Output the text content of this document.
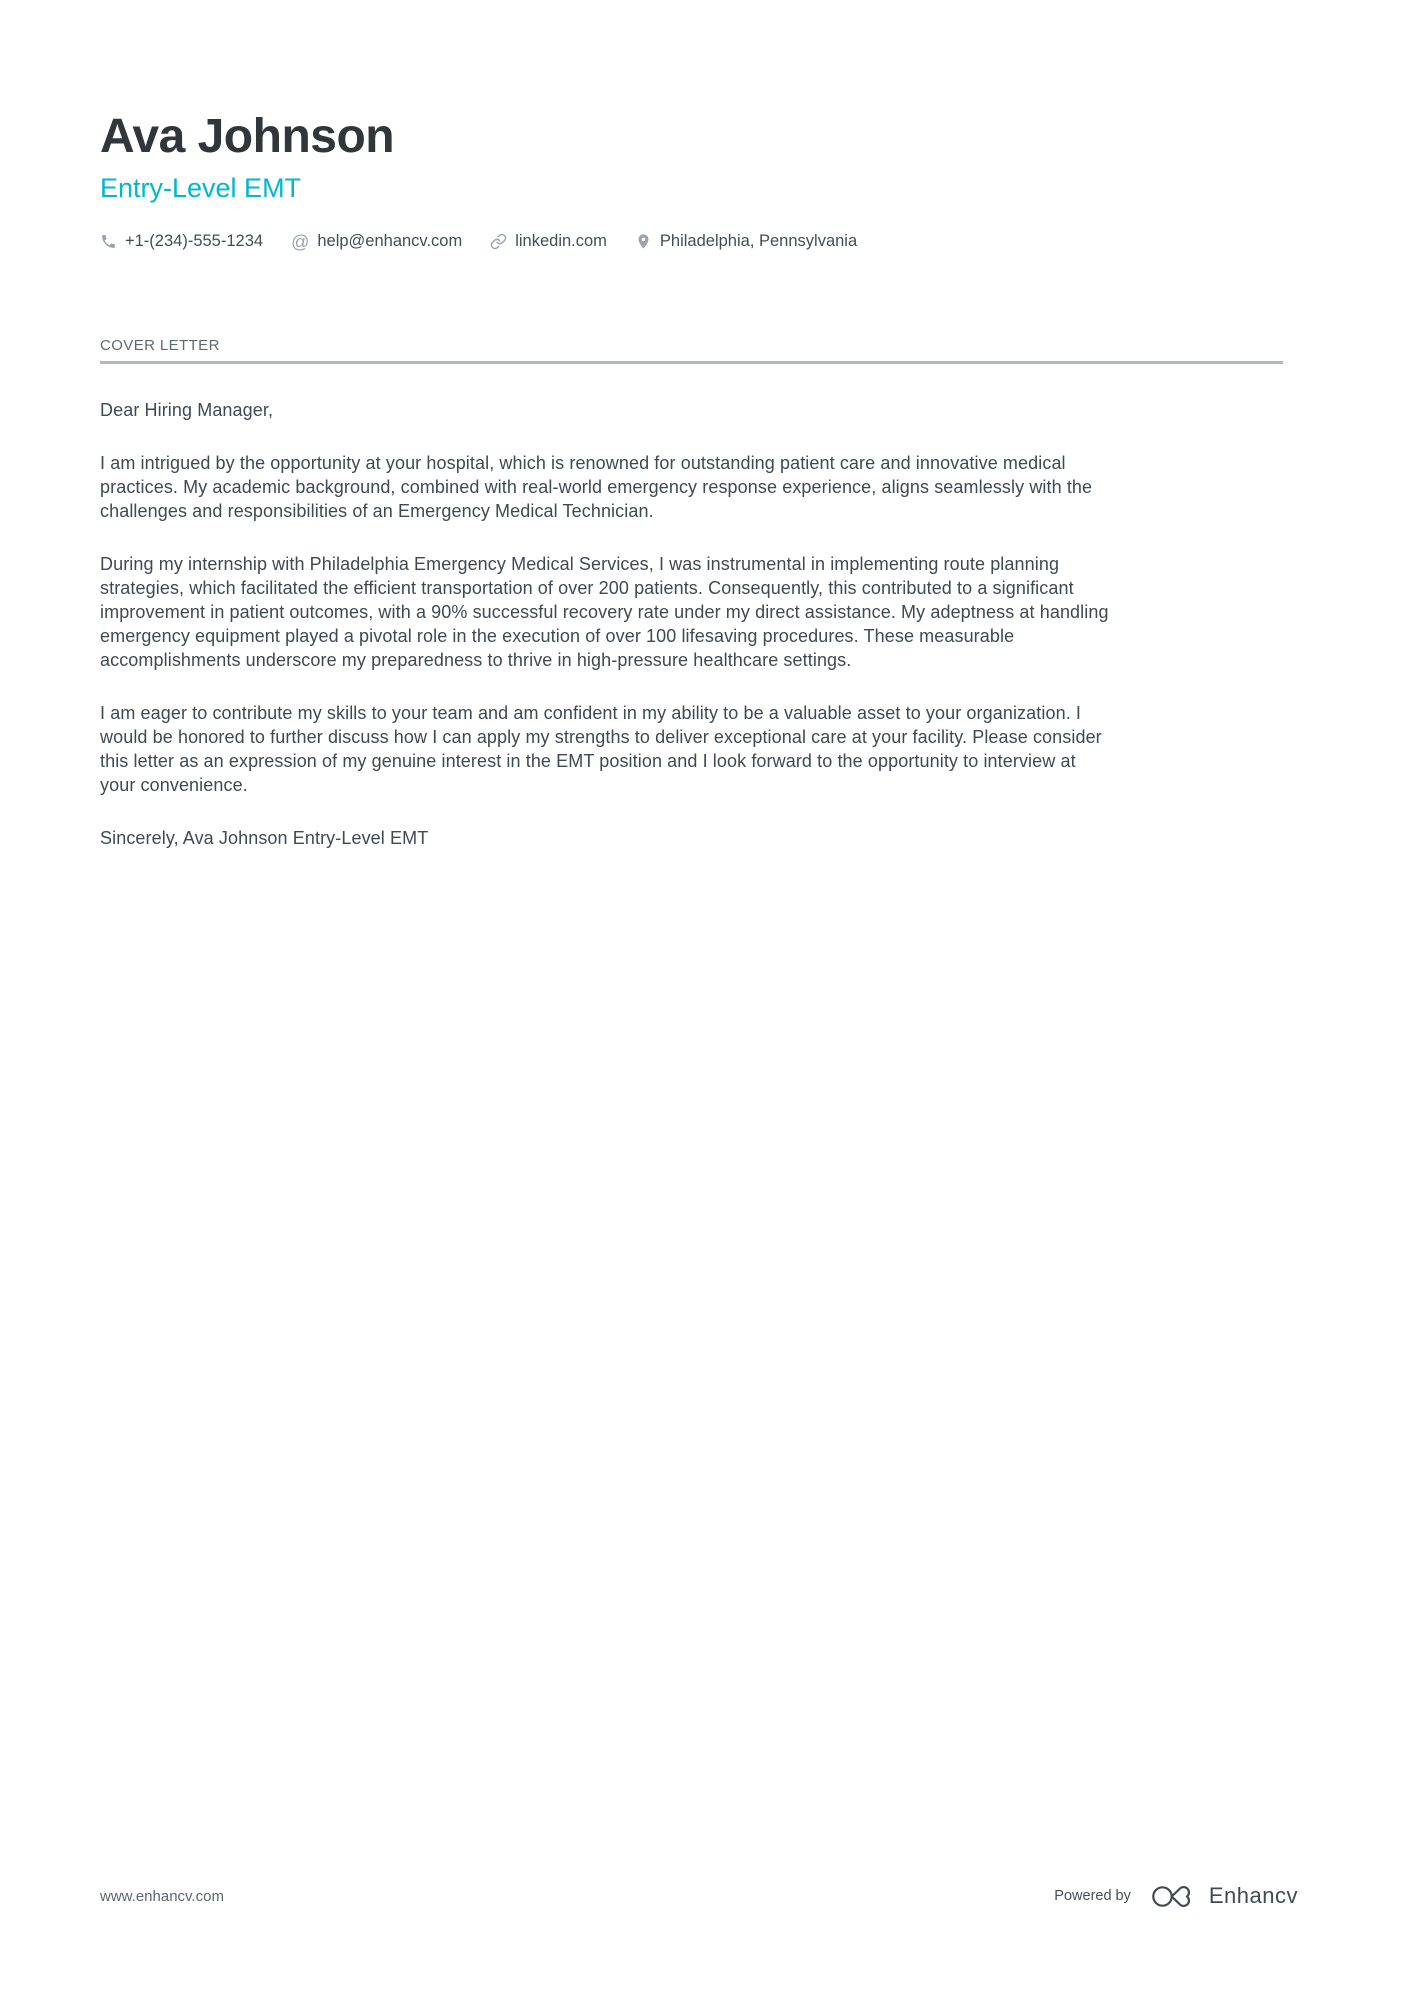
Ava Johnson
Entry-Level EMT
+1-(234)-555-1234 @ help@enhancv.com	linkedin.com	Philadelphia, Pennsylvania
COVER LETTER

Dear Hiring Manager,

I am intrigued by the opportunity at your hospital, which is renowned for outstanding patient care and innovative medical practices. My academic background, combined with real-world emergency response experience, aligns seamlessly with the challenges and responsibilities of an Emergency Medical Technician.

During my internship with Philadelphia Emergency Medical Services, I was instrumental in implementing route planning strategies, which facilitated the efficient transportation of over 200 patients. Consequently, this contributed to a significant improvement in patient outcomes, with a 90% successful recovery rate under my direct assistance. My adeptness at handling emergency equipment played a pivotal role in the execution of over 100 lifesaving procedures. These measurable accomplishments underscore my preparedness to thrive in high-pressure healthcare settings.

I am eager to contribute my skills to your team and am confident in my ability to be a valuable asset to your organization. I would be honored to further discuss how I can apply my strengths to deliver exceptional care at your facility. Please consider this letter as an expression of my genuine interest in the EMT position and I look forward to the opportunity to interview at your convenience.

Sincerely, Ava Johnson Entry-Level EMT

www.enhancv.com	Powered by	Enhancv
